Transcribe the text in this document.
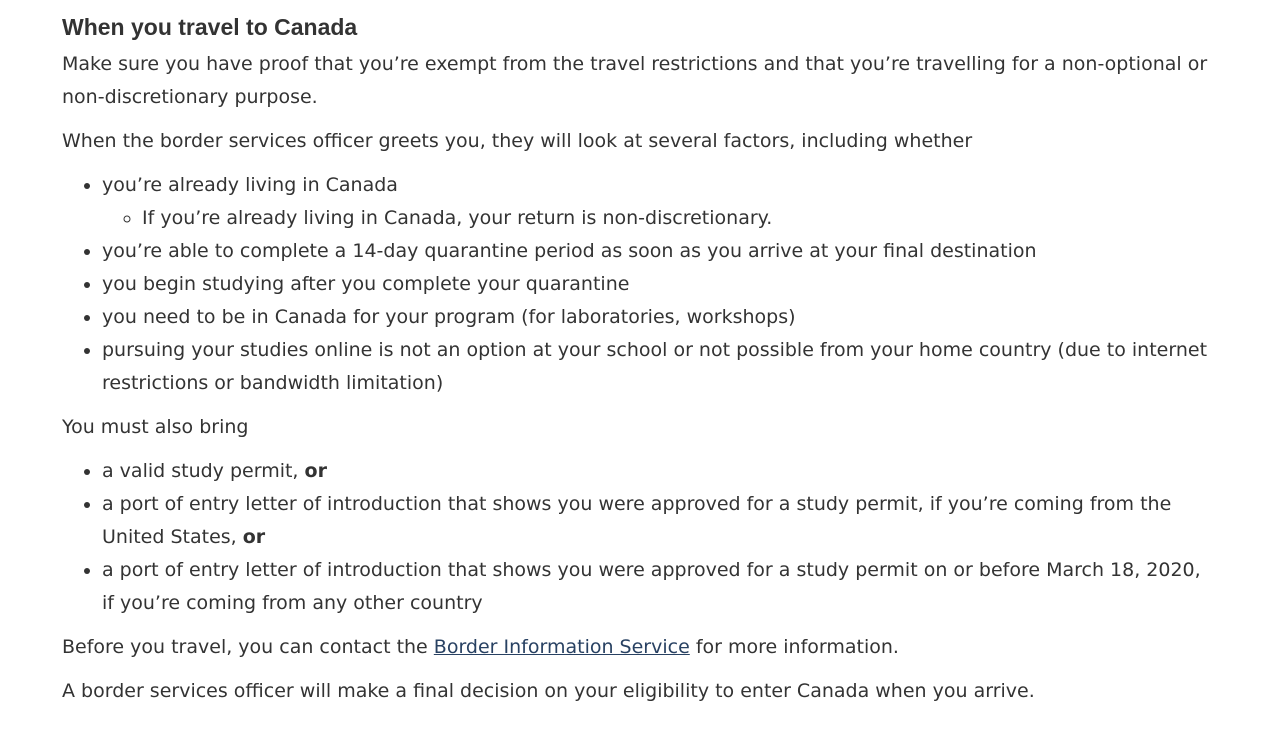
When you travel to Canada

Make sure you have proof that you’re exempt from the travel restrictions and that you’re travelling for a non-optional or non-discretionary purpose.

When the border services officer greets you, they will look at several factors, including whether

• you’re already living in Canada
◦ If you’re already living in Canada, your return is non-discretionary.
• you’re able to complete a 14-day quarantine period as soon as you arrive at your final destination
• you begin studying after you complete your quarantine
• you need to be in Canada for your program (for laboratories, workshops)
• pursuing your studies online is not an option at your school or not possible from your home country (due to internet restrictions or bandwidth limitation)

You must also bring

• a valid study permit, or
• a port of entry letter of introduction that shows you were approved for a study permit, if you’re coming from the United States, or
• a port of entry letter of introduction that shows you were approved for a study permit on or before March 18, 2020, if you’re coming from any other country

Before you travel, you can contact the Border Information Service for more information.

A border services officer will make a final decision on your eligibility to enter Canada when you arrive.
